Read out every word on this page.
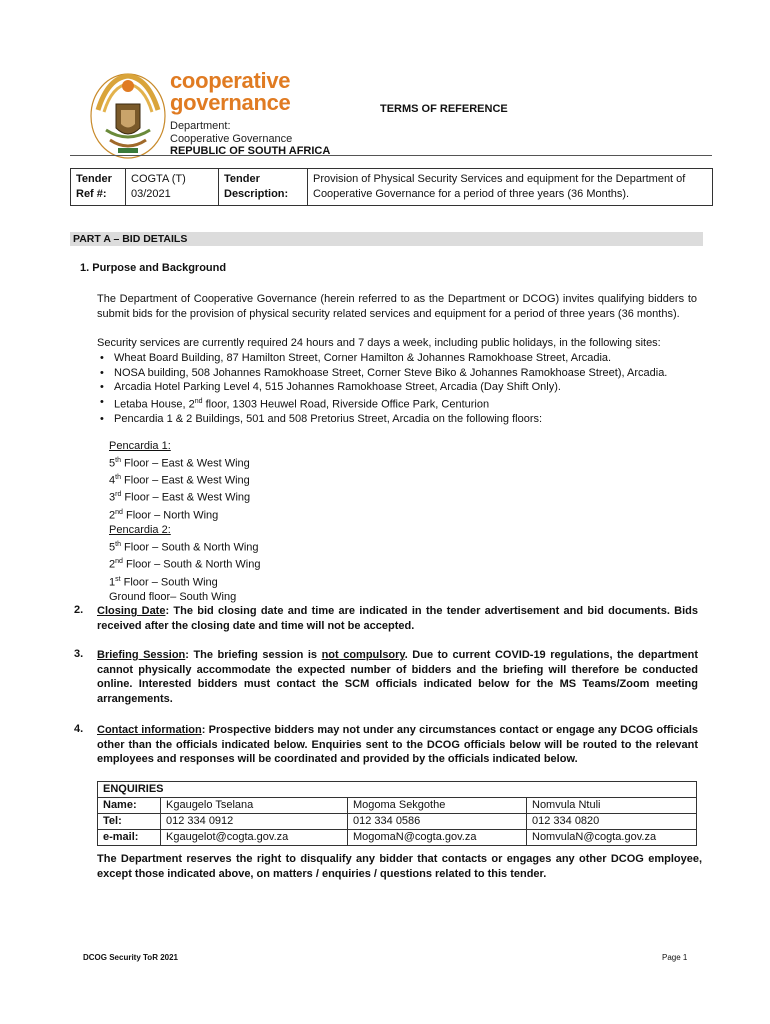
cooperative
governance
Department:
Cooperative Governance
REPUBLIC OF SOUTH AFRICA
TERMS OF REFERENCE
Tender Ref #:	COGTA (T) 03/2021	Tender Description:	Provision of Physical Security Services and equipment for the Department of Cooperative Governance for a period of three years (36 Months).
PART A – BID DETAILS
1. Purpose and Background
The Department of Cooperative Governance (herein referred to as the Department or DCOG) invites qualifying bidders to submit bids for the provision of physical security related services and equipment for a period of three years (36 months).
Security services are currently required 24 hours and 7 days a week, including public holidays, in the following sites:
• Wheat Board Building, 87 Hamilton Street, Corner Hamilton & Johannes Ramokhoase Street, Arcadia.
• NOSA building, 508 Johannes Ramokhoase Street, Corner Steve Biko & Johannes Ramokhoase Street), Arcadia.
• Arcadia Hotel Parking Level 4, 515 Johannes Ramokhoase Street, Arcadia (Day Shift Only).
• Letaba House, 2nd floor, 1303 Heuwel Road, Riverside Office Park, Centurion
• Pencardia 1 & 2 Buildings, 501 and 508 Pretorius Street, Arcadia on the following floors:
Pencardia 1:
5th Floor – East & West Wing
4th Floor – East & West Wing
3rd Floor – East & West Wing
2nd Floor – North Wing
Pencardia 2:
5th Floor – South & North Wing
2nd Floor – South & North Wing
1st Floor – South Wing
Ground floor– South Wing
2. Closing Date: The bid closing date and time are indicated in the tender advertisement and bid documents. Bids received after the closing date and time will not be accepted.
3. Briefing Session: The briefing session is not compulsory. Due to current COVID-19 regulations, the department cannot physically accommodate the expected number of bidders and the briefing will therefore be conducted online. Interested bidders must contact the SCM officials indicated below for the MS Teams/Zoom meeting arrangements.
4. Contact information: Prospective bidders may not under any circumstances contact or engage any DCOG officials other than the officials indicated below. Enquiries sent to the DCOG officials below will be routed to the relevant employees and responses will be coordinated and provided by the officials indicated below.
ENQUIRIES			
Name:	Kgaugelo Tselana	Mogoma Sekgothe	Nomvula Ntuli
Tel:	012 334 0912	012 334 0586	012 334 0820
e-mail:	Kgaugelot@cogta.gov.za	MogomaN@cogta.gov.za	NomvulaN@cogta.gov.za
The Department reserves the right to disqualify any bidder that contacts or engages any other DCOG employee, except those indicated above, on matters / enquiries / questions related to this tender.
DCOG Security ToR 2021	Page 1
